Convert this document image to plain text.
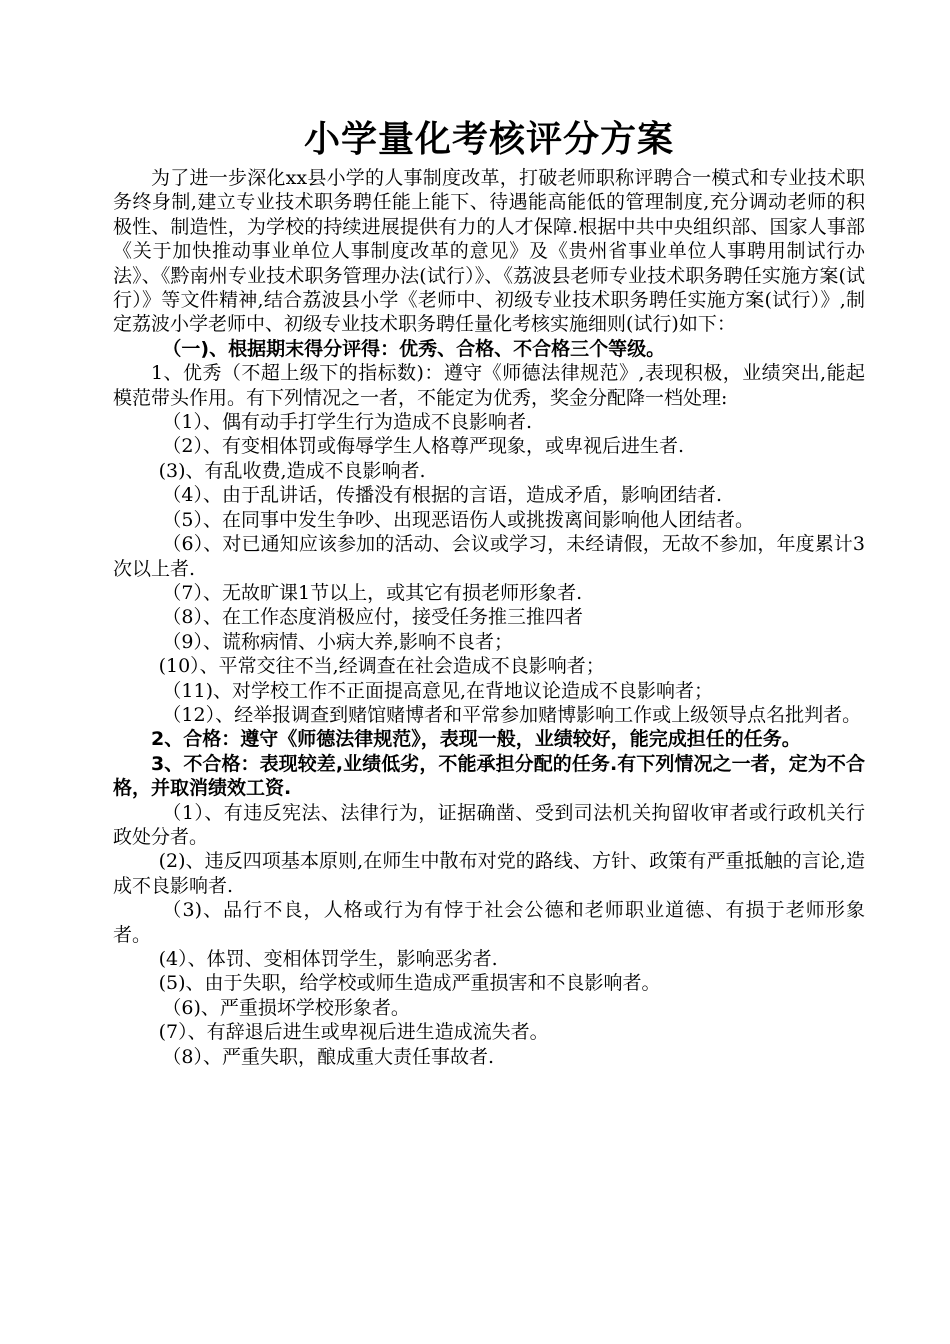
小学量化考核评分方案

为了进一步深化xx县小学的人事制度改革，打破老师职称评聘合一模式和专业技术职务终身制,建立专业技术职务聘任能上能下、待遇能高能低的管理制度,充分调动老师的积极性、制造性，为学校的持续进展提供有力的人才保障.根据中共中央组织部、国家人事部《关于加快推动事业单位人事制度改革的意见》及《贵州省事业单位人事聘用制试行办法》、《黔南州专业技术职务管理办法(试行）》、《荔波县老师专业技术职务聘任实施方案(试行）》等文件精神,结合荔波县小学《老师中、初级专业技术职务聘任实施方案(试行）》,制定荔波小学老师中、初级专业技术职务聘任量化考核实施细则(试行)如下：

（一)、根据期末得分评得：优秀、合格、不合格三个等级。

1、优秀（不超上级下的指标数)：遵守《师德法律规范》,表现积极，业绩突出,能起模范带头作用。有下列情况之一者，不能定为优秀，奖金分配降一档处理:

（1）、偶有动手打学生行为造成不良影响者.

（2）、有变相体罚或侮辱学生人格尊严现象，或卑视后进生者.

(3)、有乱收费,造成不良影响者.

（4）、由于乱讲话，传播没有根据的言语，造成矛盾，影响团结者.

（5）、在同事中发生争吵、出现恶语伤人或挑拨离间影响他人团结者。

（6）、对已通知应该参加的活动、会议或学习，未经请假，无故不参加，年度累计3次以上者.

（7）、无故旷课1节以上，或其它有损老师形象者.

（8）、在工作态度消极应付，接受任务推三推四者

（9）、谎称病情、小病大养,影响不良者；

(10）、平常交往不当,经调查在社会造成不良影响者；

（11)、对学校工作不正面提高意见,在背地议论造成不良影响者；

（12）、经举报调查到赌馆赌博者和平常参加赌博影响工作或上级领导点名批判者。

2、合格：遵守《师德法律规范》，表现一般，业绩较好，能完成担任的任务。

3、不合格：表现较差,业绩低劣，不能承担分配的任务.有下列情况之一者，定为不合格，并取消绩效工资.

（1）、有违反宪法、法律行为，证据确凿、受到司法机关拘留收审者或行政机关行政处分者。

(2)、违反四项基本原则,在师生中散布对党的路线、方针、政策有严重抵触的言论,造成不良影响者.

（3)、品行不良，人格或行为有悖于社会公德和老师职业道德、有损于老师形象者。

(4）、体罚、变相体罚学生，影响恶劣者.

(5)、由于失职，给学校或师生造成严重损害和不良影响者。

（6)、严重损坏学校形象者。

(7）、有辞退后进生或卑视后进生造成流失者。

（8）、严重失职，酿成重大责任事故者.
